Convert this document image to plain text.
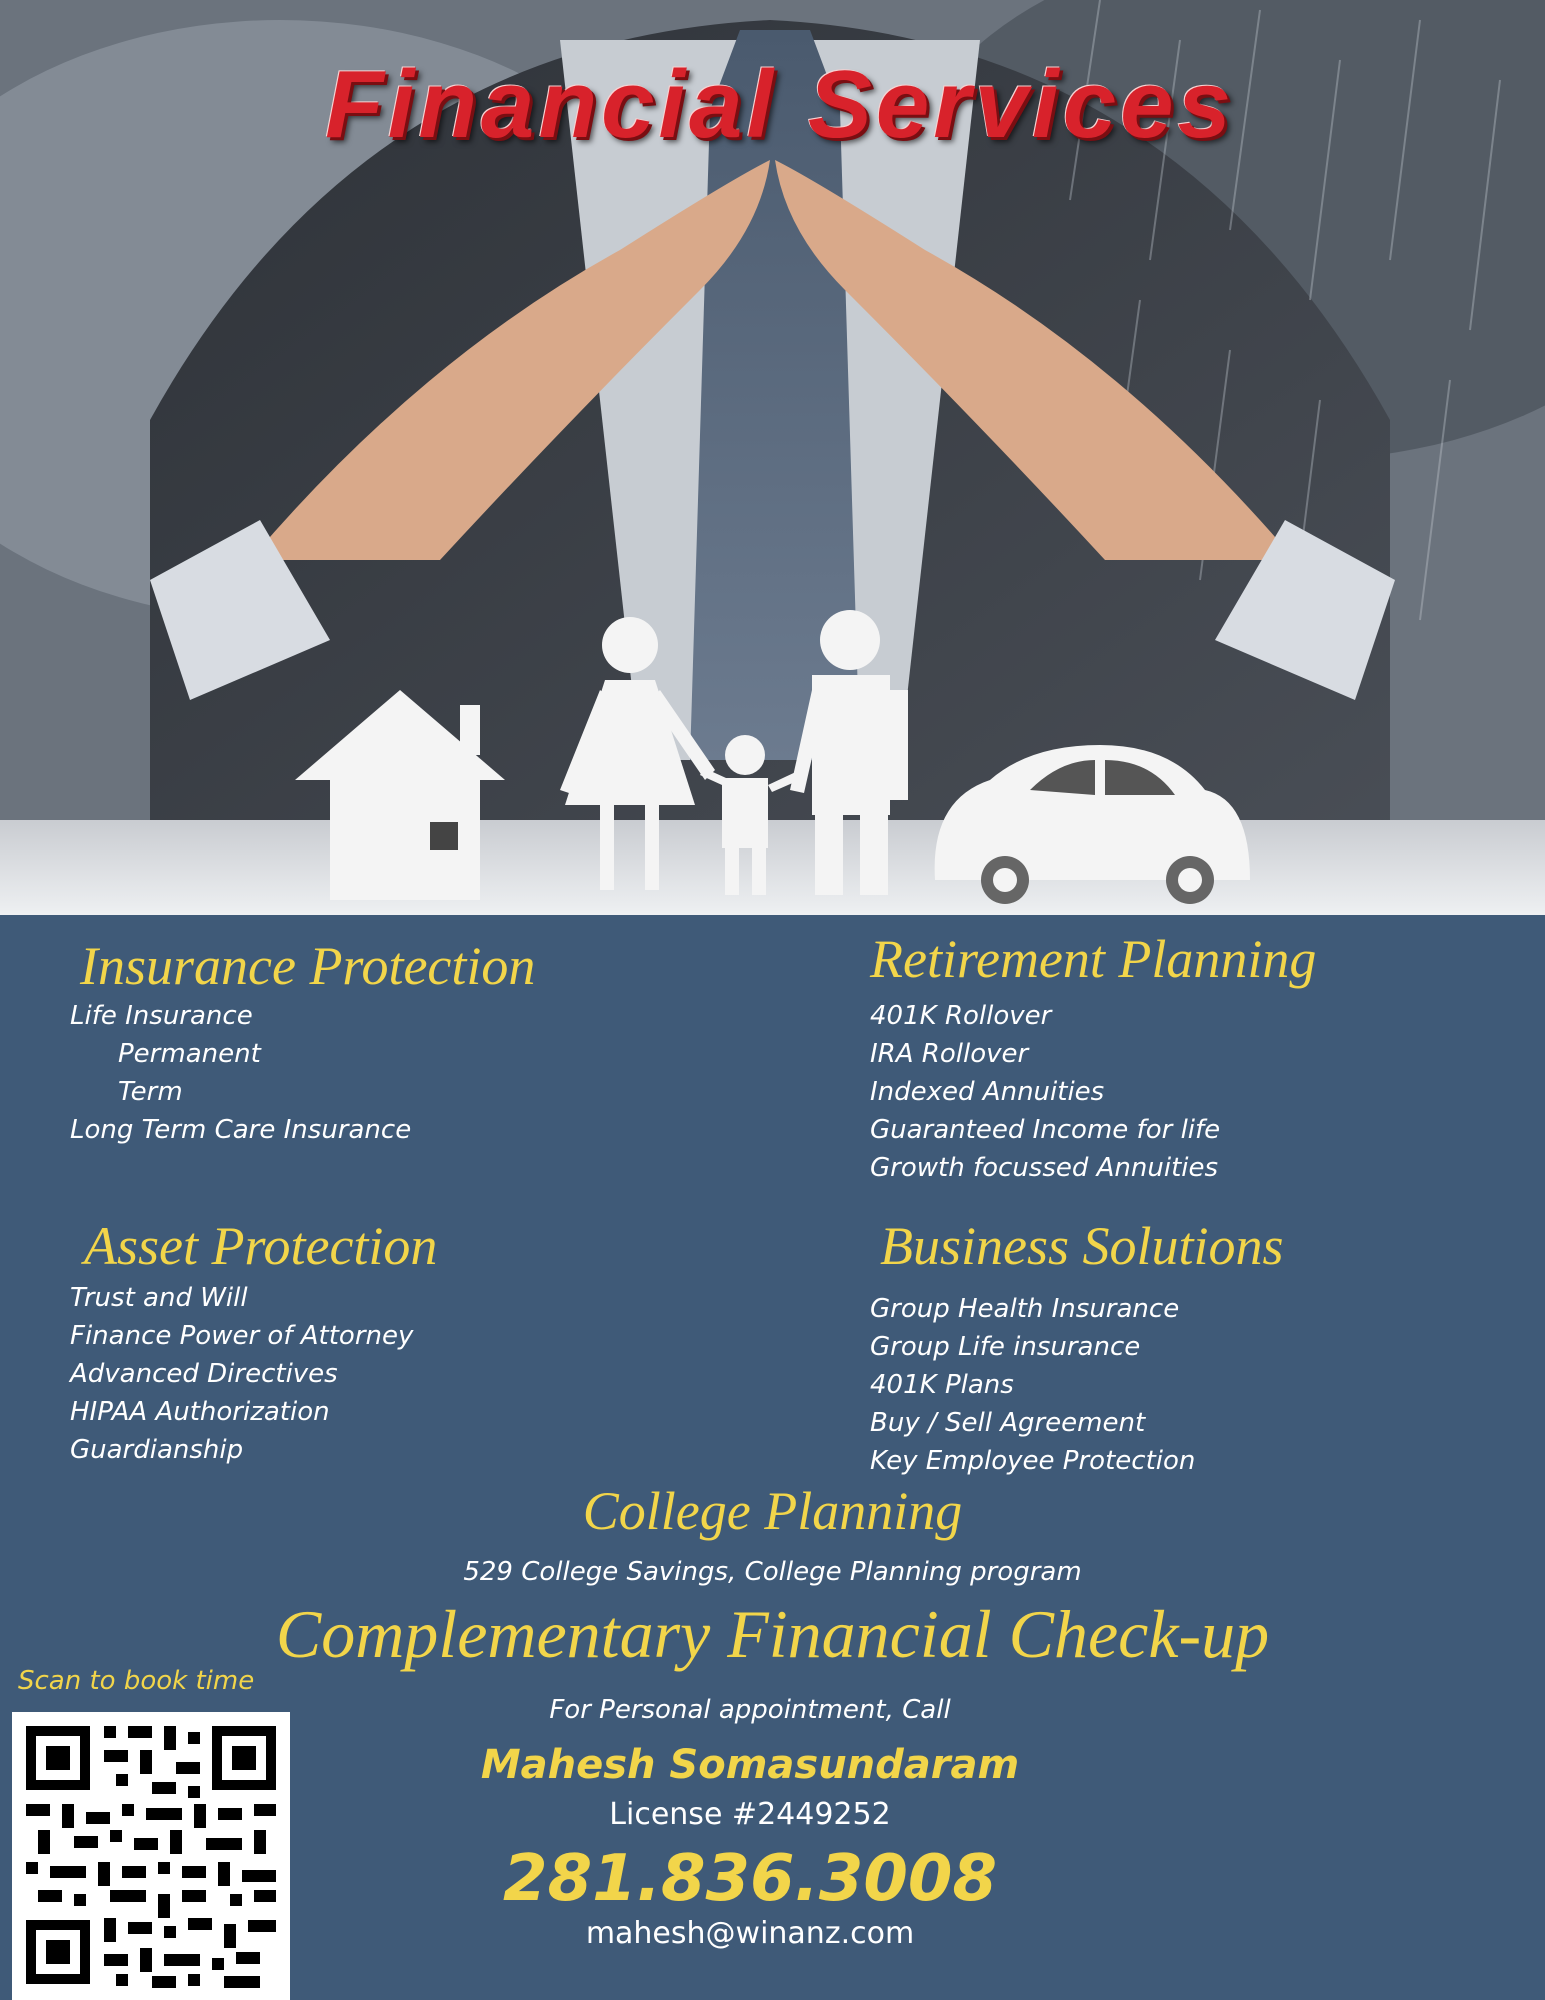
Financial Services
Insurance Protection
Life Insurance
Permanent
Term
Long Term Care Insurance
Retirement Planning
401K Rollover
IRA Rollover
Indexed Annuities
Guaranteed Income for life
Growth focussed Annuities
Asset Protection
Trust and Will
Finance Power of Attorney
Advanced Directives
HIPAA Authorization
Guardianship
Business Solutions
Group Health Insurance
Group Life insurance
401K Plans
Buy / Sell Agreement
Key Employee Protection
College Planning
529 College Savings, College Planning program
Complementary Financial Check-up
Scan to book time
For Personal appointment, Call
Mahesh Somasundaram
License #2449252
281.836.3008
mahesh@winanz.com
